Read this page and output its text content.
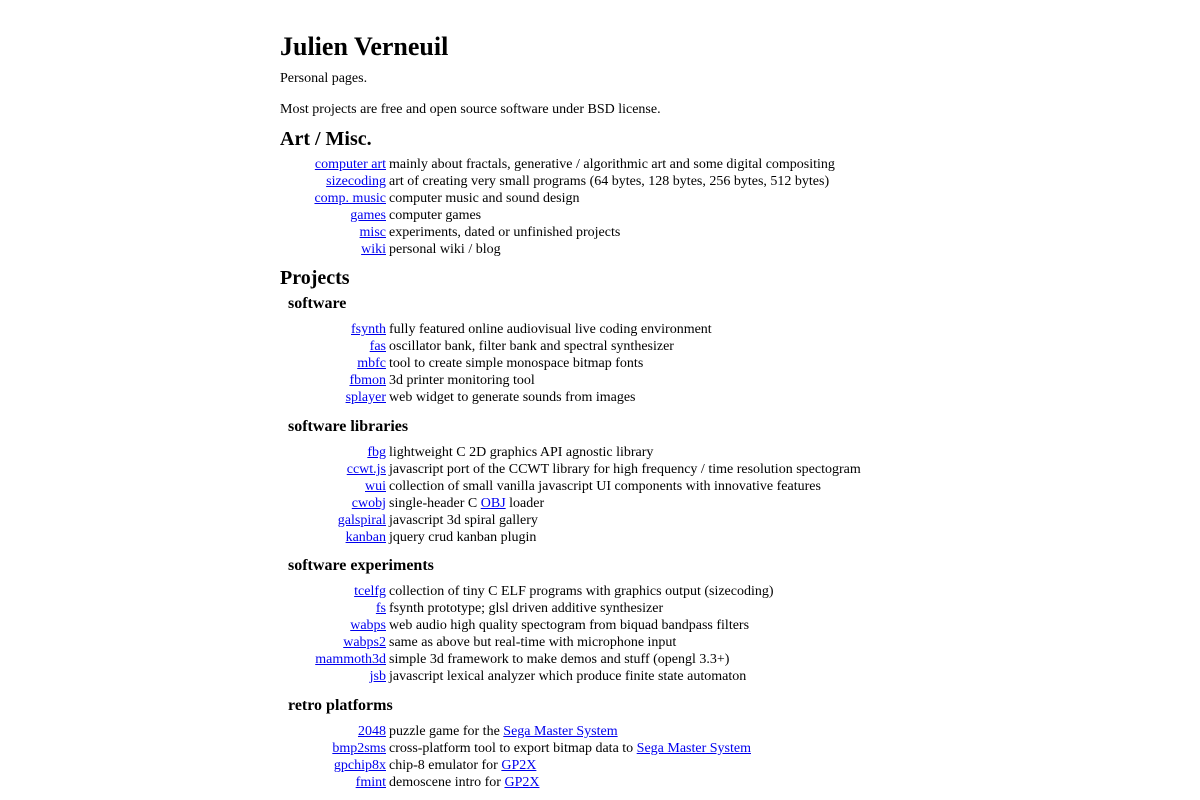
Julien Verneuil

Personal pages.

Most projects are free and open source software under BSD license.

Art / Misc.
computer art	mainly about fractals, generative / algorithmic art and some digital compositing
sizecoding	art of creating very small programs (64 bytes, 128 bytes, 256 bytes, 512 bytes)
comp. music	computer music and sound design
games	computer games
misc	experiments, dated or unfinished projects
wiki	personal wiki / blog
Projects
software
fsynth	fully featured online audiovisual live coding environment
fas	oscillator bank, filter bank and spectral synthesizer
mbfc	tool to create simple monospace bitmap fonts
fbmon	3d printer monitoring tool
splayer	web widget to generate sounds from images
software libraries
fbg	lightweight C 2D graphics API agnostic library
ccwt.js	javascript port of the CCWT library for high frequency / time resolution spectogram
wui	collection of small vanilla javascript UI components with innovative features
cwobj	single-header C OBJ loader
galspiral	javascript 3d spiral gallery
kanban	jquery crud kanban plugin
software experiments
tcelfg	collection of tiny C ELF programs with graphics output (sizecoding)
fs	fsynth prototype; glsl driven additive synthesizer
wabps	web audio high quality spectogram from biquad bandpass filters
wabps2	same as above but real-time with microphone input
mammoth3d	simple 3d framework to make demos and stuff (opengl 3.3+)
jsb	javascript lexical analyzer which produce finite state automaton
retro platforms
2048	puzzle game for the Sega Master System
bmp2sms	cross-platform tool to export bitmap data to Sega Master System
gpchip8x	chip-8 emulator for GP2X
fmint	demoscene intro for GP2X
